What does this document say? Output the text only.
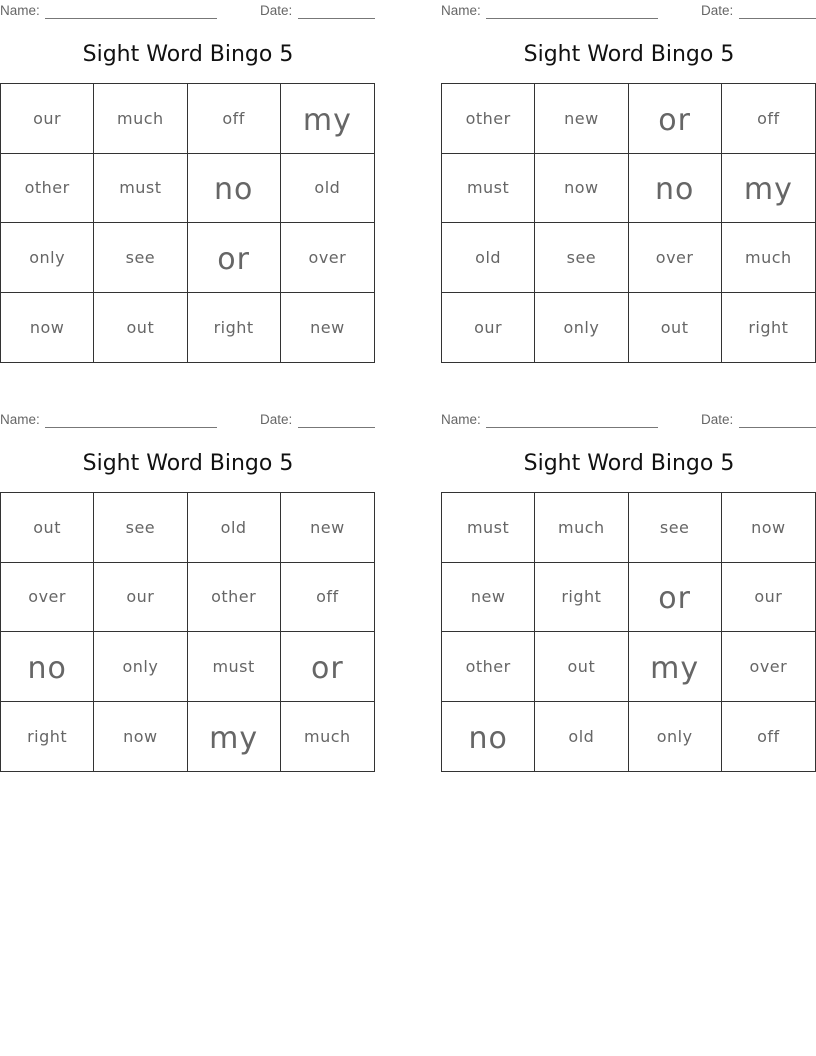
Name:	Date:
Sight Word Bingo 5
our	much	off	my
other	must	no	old
only	see	or	over
now	out	right	new
Name:	Date:
Sight Word Bingo 5
other	new	or	off
must	now	no	my
old	see	over	much
our	only	out	right
Name:	Date:
Sight Word Bingo 5
out	see	old	new
over	our	other	off
no	only	must	or
right	now	my	much
Name:	Date:
Sight Word Bingo 5
must	much	see	now
new	right	or	our
other	out	my	over
no	old	only	off
